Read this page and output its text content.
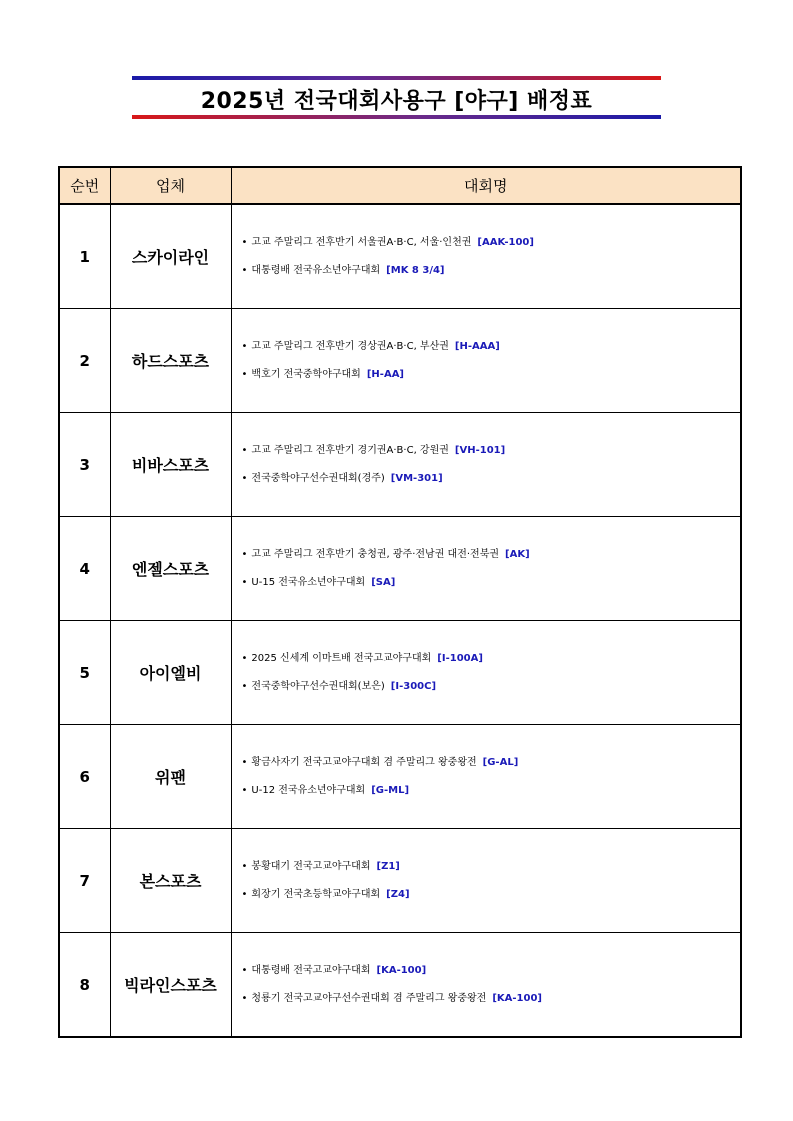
2025년 전국대회사용구 [야구] 배정표
순번	업체	대회명
1	스카이라인	• 고교 주말리그 전후반기 서울권A·B·C, 서울·인천권 [AAK-100]
• 대통령배 전국유소년야구대회 [MK 8 3/4]

2	하드스포츠	• 고교 주말리그 전후반기 경상권A·B·C, 부산권 [H-AAA]
• 백호기 전국중학야구대회 [H-AA]

3	비바스포츠	• 고교 주말리그 전후반기 경기권A·B·C, 강원권 [VH-101]
• 전국중학야구선수권대회(경주) [VM-301]

4	엔젤스포츠	• 고교 주말리그 전후반기 충청권, 광주·전남권 대전·전북권 [AK]
• U-15 전국유소년야구대회 [SA]

5	아이엘비	• 2025 신세계 이마트배 전국고교야구대회 [I-100A]
• 전국중학야구선수권대회(보은) [I-300C]

6	위팬	• 황금사자기 전국고교야구대회 겸 주말리그 왕중왕전 [G-AL]
• U-12 전국유소년야구대회 [G-ML]

7	본스포츠	• 봉황대기 전국고교야구대회 [Z1]
• 회장기 전국초등학교야구대회 [Z4]

8	빅라인스포츠	• 대통령배 전국고교야구대회 [KA-100]
• 청룡기 전국고교야구선수권대회 겸 주말리그 왕중왕전 [KA-100]
